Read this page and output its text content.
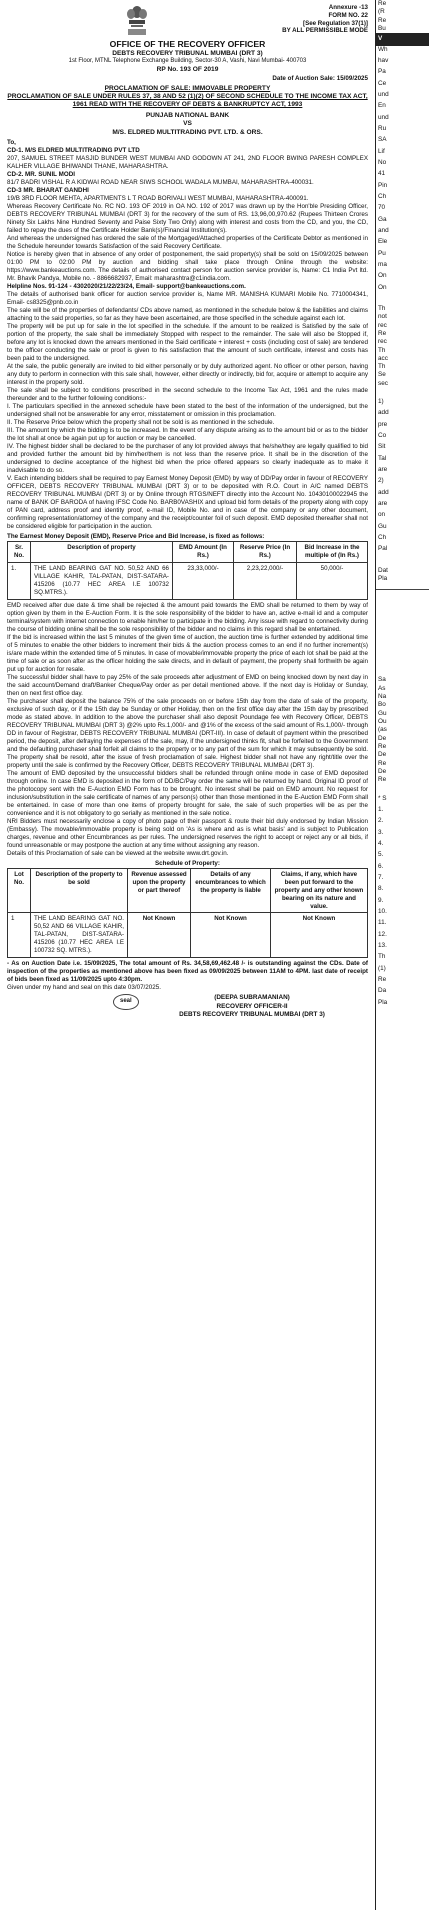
Annexure -13
FORM NO. 22
[See Regulation 37(1)]
BY ALL PERMISSIBLE MODE
OFFICE OF THE RECOVERY OFFICER
DEBTS RECOVERY TRIBUNAL MUMBAI (DRT 3)
1st Floor, MTNL Telephone Exchange Building, Sector-30 A, Vashi, Navi Mumbai- 400703
RP No. 193 OF 2019
Date of Auction Sale: 15/09/2025
PROCLAMATION OF SALE: IMMOVABLE PROPERTY
PROCLAMATION OF SALE UNDER RULES 37, 38 AND 52 (1)(2) OF SECOND SCHEDULE TO THE INCOME TAX ACT, 1961 READ WITH THE RECOVERY OF DEBTS & BANKRUPTCY ACT, 1993
PUNJAB NATIONAL BANK
VS
M/S. ELDRED MULTITRADING PVT. LTD. & ORS.

To,

CD-1. M/S ELDRED MULTITRADING PVT LTD

207, SAMUEL STREET MASJID BUNDER WEST MUMBAI AND GODOWN AT 241, 2ND FLOOR BWING PARESH COMPLEX KALHER VILLAGE BHIWANDI THANE, MAHARASHTRA.

CD-2. MR. SUNIL MODI

81/7 BADRI VISHAL R A KIDWAI ROAD NEAR SIWS SCHOOL WADALA MUMBAI, MAHARASHTRA-400031.

CD-3 MR. BHARAT GANDHI

19/B 3RD FLOOR MEHTA, APARTMENTS L T ROAD BORIVALI WEST MUMBAI, MAHARASHTRA-400091.

Whereas Recovery Certificate No. RC NO. 193 OF 2019 in OA NO. 192 of 2017 was drawn up by the Hon'ble Presiding Officer, DEBTS RECOVERY TRIBUNAL MUMBAI (DRT 3) for the recovery of the sum of RS. 13,96,00,970.62 (Rupees Thirteen Crores Ninety Six Lakhs Nine Hundred Seventy and Paise Sixty Two Only) along with interest and costs from the CD, and you, the CD, failed to repay the dues of the Certificate Holder Bank(s)/Financial Institution(s).

And whereas the undersigned has ordered the sale of the Mortgaged/Attached properties of the Certificate Debtor as mentioned in the Schedule hereunder towards Satisfaction of the said Recovery Certificate.

Notice is hereby given that in absence of any order of postponement, the said property(s) shall be sold on 15/09/2025 between 01:00 PM to 02:00 PM by auction and bidding shall take place through Online through the website: https://www.bankeauctions.com. The details of authorised contact person for auction service provider is, Name: C1 India Pvt ltd. Mr. Bhavik Pandya, Mobile no. - 8866682937, Email: maharashtra@c1india.com.

Helpline Nos. 91-124 - 4302020/21/22/23/24, Email- support@bankeauctions.com.

The details of authorised bank officer for auction service provider is, Name MR. MANISHA KUMARI Mobile No. 7710004341, Email- cs8325@pnb.co.in

The sale will be of the properties of defendants/ CDs above named, as mentioned in the schedule below & the liabilities and claims attaching to the said properties, so far as they have been ascertained, are those specified in the schedule against each lot.

The property will be put up for sale in the lot specified in the schedule. If the amount to be realized is Satisfied by the sale of portion of the property, the sale shall be immediately Stopped with respect to the remainder. The sale will also be Stopped if, before any lot is knocked down the arrears mentioned in the Said certificate + interest + costs (including cost of sale) are tendered to the officer conducting the sale or proof is given to his satisfaction that the amount of such certificate, interest and costs has been paid to the undersigned.

At the sale, the public generally are invited to bid either personally or by duly authorized agent. No officer or other person, having any duty to perform in connection with this sale shall, however, either directly or indirectly, bid for, acquire or attempt to acquire any interest in the property sold.

The sale shall be subject to conditions prescribed in the second schedule to the Income Tax Act, 1961 and the rules made thereunder and to the further following conditions:-

I. The particulars specified in the annexed schedule have been stated to the best of the information of the undersigned, but the undersigned shall not be answerable for any error, misstatement or omission in this proclamation.

II. The Reserve Price below which the property shall not be sold is as mentioned in the schedule.

III. The amount by which the bidding is to be increased. In the event of any dispute arising as to the amount bid or as to the bidder the lot shall at once be again put up for auction or may be cancelled.

IV. The highest bidder shall be declared to be the purchaser of any lot provided always that he/she/they are legally qualified to bid and provided further the amount bid by him/her/them is not less than the reserve price. It shall be in the discretion of the undersigned to decline acceptance of the highest bid when the price offered appears so clearly inadequate as to make it inadvisable to do so.

V. Each intending bidders shall be required to pay Earnest Money Deposit (EMD) by way of DD/Pay order in favour of RECOVERY OFFICER, DEBTS RECOVERY TRIBUNAL MUMBAI (DRT 3) or to be deposited with R.O. Court in A/C named DEBTS RECOVERY TRIBUNAL MUMBAI (DRT 3) or by Online through RTGS/NEFT directly into the Account No. 10430100022945 the name of BANK OF BARODA of having IFSC Code No. BARB0VASHIX and upload bid form details of the property along with copy of PAN card, address proof and identity proof, e-mail ID, Mobile No. and in case of the company or any other document, confirming representation/attorney of the company and the receipt/counter foil of such deposit. EMD deposited thereafter shall not be considered eligible for participation in the auction.

The Earnest Money Deposit (EMD), Reserve Price and Bid Increase, is fixed as follows:

Sr. No.	Description of property	EMD Amount (In Rs.)	Reserve Price (In Rs.)	Bid Increase in the multiple of (In Rs.)
1.	THE LAND BEARING GAT NO. 50,52 AND 66 VILLAGE KAHIR, TAL-PATAN, DIST-SATARA- 415206 (10.77 HEC AREA I.E 100732 SQ.MTRS.).	23,33,000/-	2,23,22,000/-	50,000/-

EMD received after due date & time shall be rejected & the amount paid towards the EMD shall be returned to them by way of option given by them in the E-Auction Form. It is the sole responsibility of the bidder to have an, active e-mail id and a computer terminal/system with internet connection to enable him/her to participate in the bidding. Any issue with regard to connectivity during the course of bidding online shall be the sole responsibility of the bidder and no claims in this regard shall be entertained.

If the bid is increased within the last 5 minutes of the given time of auction, the auction time is further extended by additional time of 5 minutes to enable the other bidders to increment their bids & the auction process comes to an end if no further increment(s) is/are made within the extended time of 5 minutes. In case of movable/immovable property the price of each lot shall be paid at the time of sale or as soon after as the officer holding the sale directs, and in default of payment, the property shall forthwith be again put up for auction for resale.

The successful bidder shall have to pay 25% of the sale proceeds after adjustment of EMD on being knocked down by next day in the said account/Demand draft/Banker Cheque/Pay order as per detail mentioned above. If the next day is Holiday or Sunday, then on next first office day.

The purchaser shall deposit the balance 75% of the sale proceeds on or before 15th day from the date of sale of the property, exclusive of such day, or if the 15th day be Sunday or other Holiday, then on the first office day after the 15th day by prescribed mode as stated above. In addition to the above the purchaser shall also deposit Poundage fee with Recovery Officer, DEBTS RECOVERY TRIBUNAL MUMBAI (DRT 3) @2% upto Rs.1,000/- and @1% of the excess of the said amount of Rs.1,000/- through DD in favour of Registrar, DEBTS RECOVERY TRIBUNAL MUMBAI (DRT-III). In case of default of payment within the prescribed period, the deposit, after defraying the expenses of the sale, may, if the undersigned thinks fit, shall be forfeited to the Government and the defaulting purchaser shall forfeit all claims to the property or to any part of the sum for which it may subsequently be sold. The property shall be resold, after the issue of fresh proclamation of sale. Highest bidder shall not have any right/title over the property until the sale is confirmed by the Recovery Officer, DEBTS RECOVERY TRIBUNAL MUMBAI (DRT 3).

The amount of EMD deposited by the unsuccessful bidders shall be refunded through online mode in case of EMD deposited through online. In case EMD is deposited in the form of DD/BC/Pay order the same will be returned by hand. Original ID proof of the photocopy sent with the E-Auction EMD Form has to be brought. No interest shall be paid on EMD amount. No request for inclusion/substitution in the sale certificate of names of any person(s) other than those mentioned in the E-Auction EMD Form shall be entertained. In case of more than one items of property brought for sale, the sale of such properties will be as per the convenience and it is not obligatory to go serially as mentioned in the sale notice.

NRI Bidders must necessarily enclose a copy of photo page of their passport & route their bid duly endorsed by Indian Mission (Embassy). The movable/immovable property is being sold on 'As is where and as is what basis' and is subject to Publication charges, revenue and other Encumbrances as per rules. The undersigned reserves the right to accept or reject any or all bids, if found unreasonable or may postpone the auction at any time without assigning any reason.

Details of this Proclamation of sale can be viewed at the website www.drt.gov.in.

Schedule of Property:

Lot No.	Description of the property to be sold	Revenue assessed upon the property or part thereof	Details of any encumbrances to which the property is liable	Claims, if any, which have been put forward to the property and any other known bearing on its nature and value.
1	THE LAND BEARING GAT NO. 50,52 AND 66 VILLAGE KAHIR, TAL-PATAN, DIST-SATARA- 415206 (10.77 HEC AREA I.E 100732 SQ. MTRS.).	Not Known	Not Known	Not Known

- As on Auction Date i.e. 15/09/2025, The total amount of Rs. 34,58,69,462.48 /- is outstanding against the CDs. Date of inspection of the properties as mentioned above has been fixed as 09/09/2025 between 11AM to 4PM. last date of receipt of bids been fixed as 11/09/2025 upto 4:30pm.

Given under my hand and seal on this date 03/07/2025.

seal	(DEEPA SUBRAMANIAN)
RECOVERY OFFICER-II
DEBTS RECOVERY TRIBUNAL MUMBAI (DRT 3)
Re
(R
Re
Bu
V
Wh
hav
Pa
Ce
und
En
und
Ru
SA
Lif
No
41
Pin
Ch
70
Ga
and
Ele
Pu
ma
On
On
Th
not
rec
Re
rec
Th
acc
Th
Se
sec
1)
add
pre
Co
Sit
Tal
are
2)
add
are
on
Gu
Ch
Pal
Dat
Pla
Sa
As
Na
Bo
Gu
Ou
(as
De
Re
De
Re
De
Re
* S
1.
2.
3.
4.
5.
6.
7.
8.
9.
10.
11.
12.
13.
Th
(1)
Re
Da
Pla
